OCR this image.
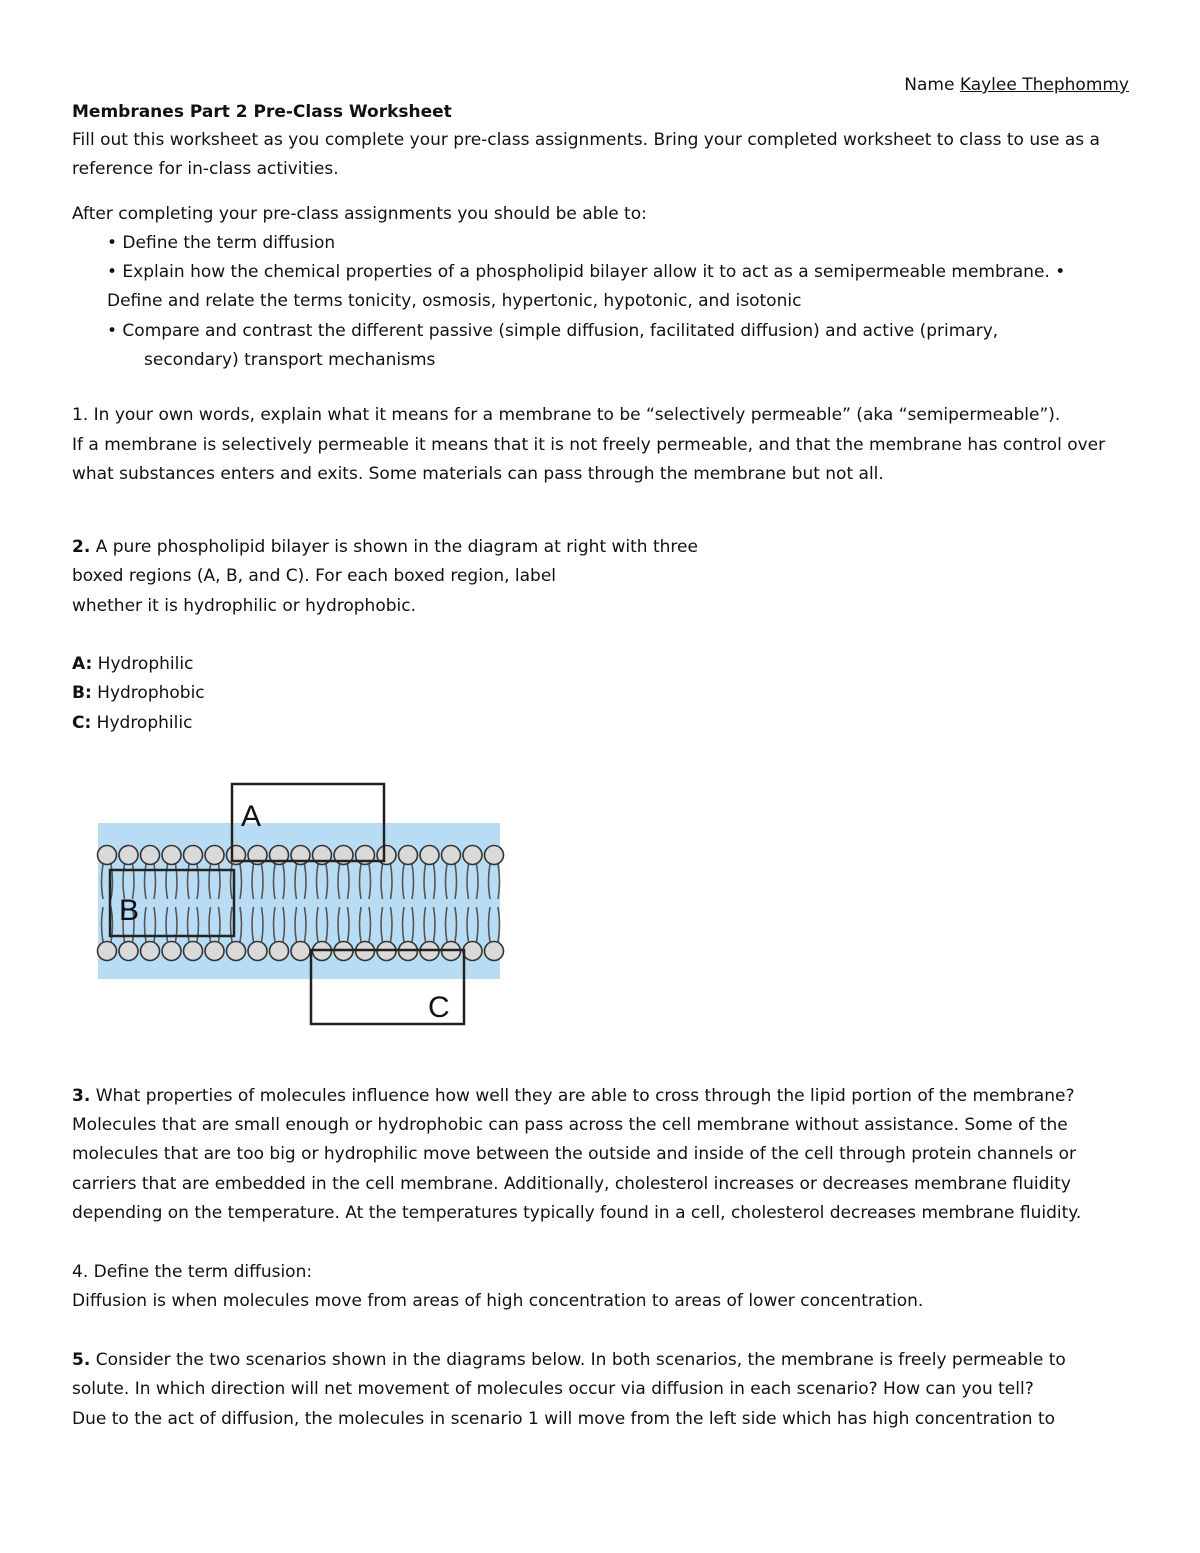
Name Kaylee Thephommy
Membranes Part 2 Pre-Class Worksheet
Fill out this worksheet as you complete your pre-class assignments. Bring your completed worksheet to class to use as a
reference for in-class activities.
After completing your pre-class assignments you should be able to:
• Define the term diffusion
• Explain how the chemical properties of a phospholipid bilayer allow it to act as a semipermeable membrane. •
Define and relate the terms tonicity, osmosis, hypertonic, hypotonic, and isotonic
• Compare and contrast the different passive (simple diffusion, facilitated diffusion) and active (primary,
secondary) transport mechanisms
1. In your own words, explain what it means for a membrane to be “selectively permeable” (aka “semipermeable”).
If a membrane is selectively permeable it means that it is not freely permeable, and that the membrane has control over
what substances enters and exits. Some materials can pass through the membrane but not all.
2. A pure phospholipid bilayer is shown in the diagram at right with three
boxed regions (A, B, and C). For each boxed region, label
whether it is hydrophilic or hydrophobic.
A: Hydrophilic
B: Hydrophobic
C: Hydrophilic
A
B
C
3. What properties of molecules influence how well they are able to cross through the lipid portion of the membrane?
Molecules that are small enough or hydrophobic can pass across the cell membrane without assistance. Some of the
molecules that are too big or hydrophilic move between the outside and inside of the cell through protein channels or
carriers that are embedded in the cell membrane. Additionally, cholesterol increases or decreases membrane fluidity
depending on the temperature. At the temperatures typically found in a cell, cholesterol decreases membrane fluidity.
4. Define the term diffusion:
Diffusion is when molecules move from areas of high concentration to areas of lower concentration.
5. Consider the two scenarios shown in the diagrams below. In both scenarios, the membrane is freely permeable to
solute. In which direction will net movement of molecules occur via diffusion in each scenario? How can you tell?
Due to the act of diffusion, the molecules in scenario 1 will move from the left side which has high concentration to
